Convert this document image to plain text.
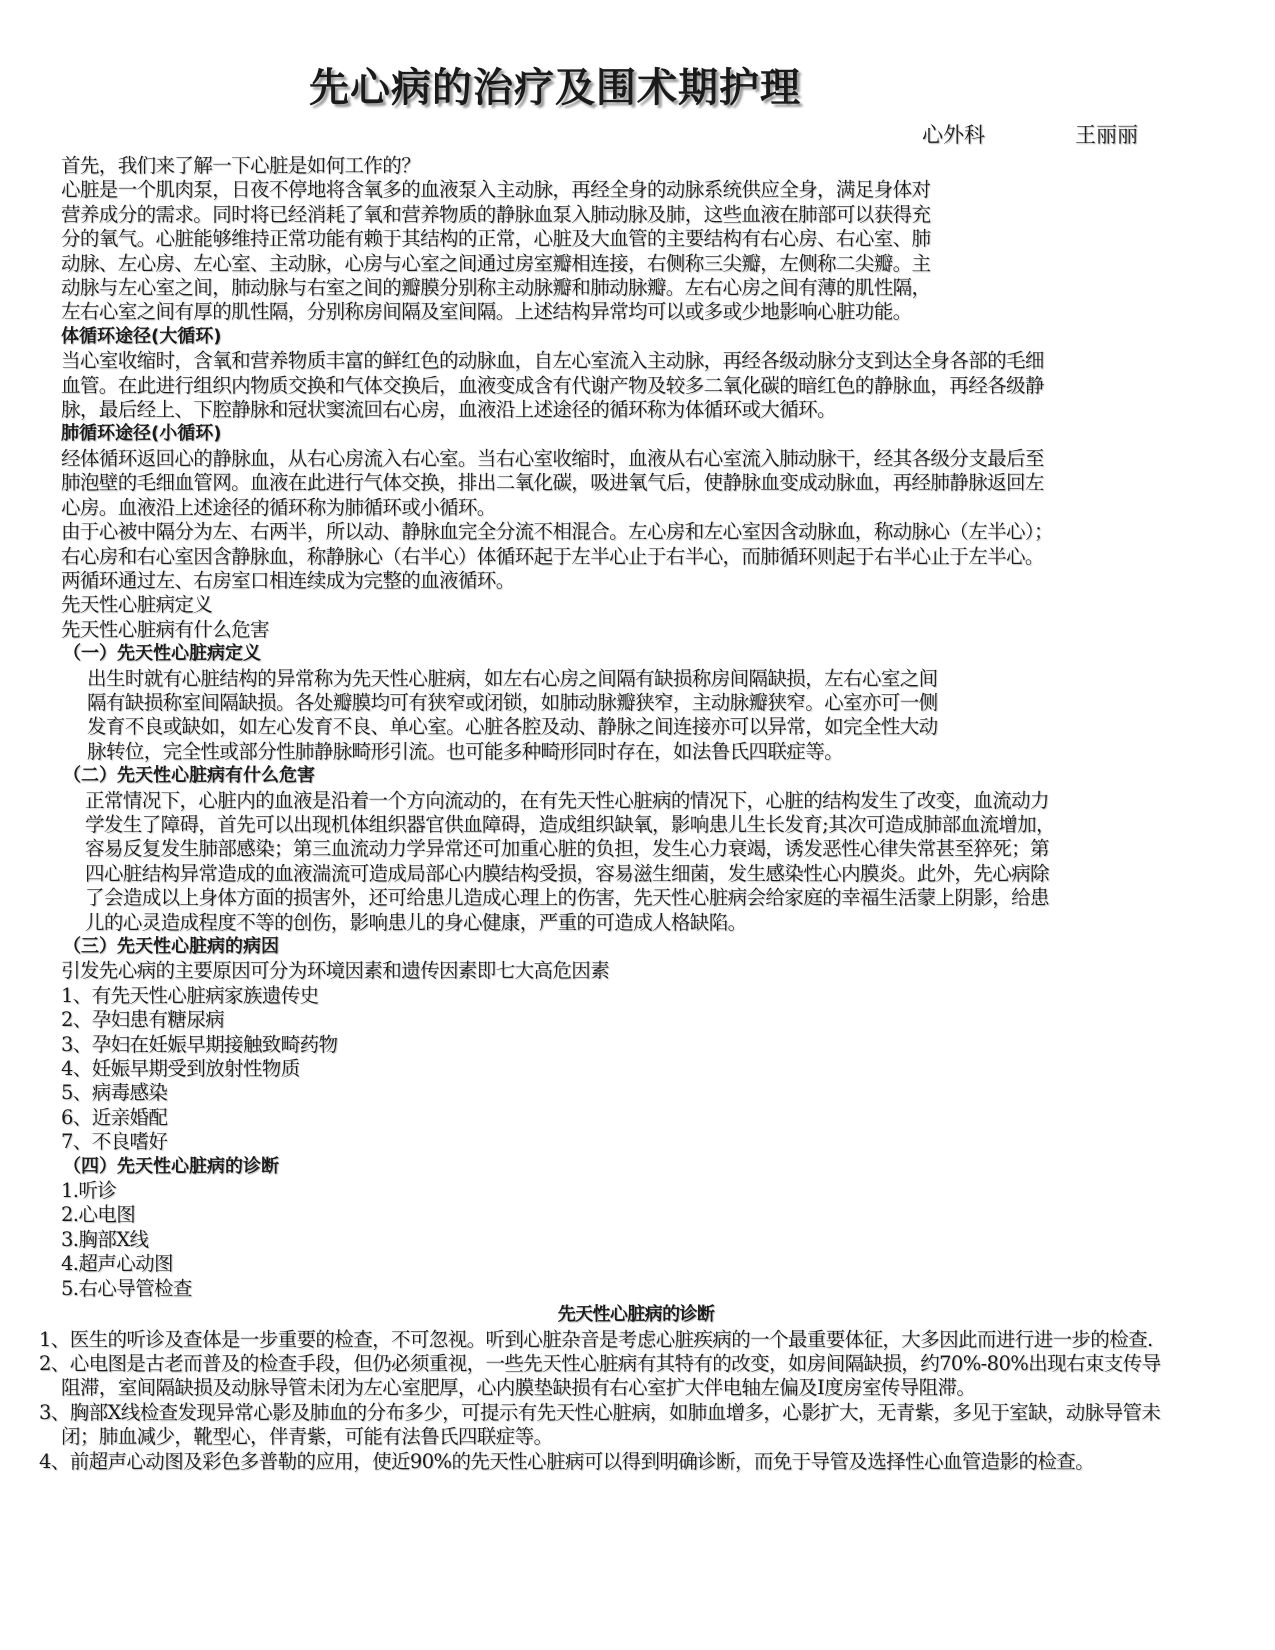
先心病的治疗及围术期护理
心外科	王丽丽

首先，我们来了解一下心脏是如何工作的？

心脏是一个肌肉泵，日夜不停地将含氧多的血液泵入主动脉，再经全身的动脉系统供应全身，满足身体对

营养成分的需求。同时将已经消耗了氧和营养物质的静脉血泵入肺动脉及肺，这些血液在肺部可以获得充

分的氧气。心脏能够维持正常功能有赖于其结构的正常，心脏及大血管的主要结构有右心房、右心室、肺

动脉、左心房、左心室、主动脉，心房与心室之间通过房室瓣相连接，右侧称三尖瓣，左侧称二尖瓣。主

动脉与左心室之间，肺动脉与右室之间的瓣膜分别称主动脉瓣和肺动脉瓣。左右心房之间有薄的肌性隔，

左右心室之间有厚的肌性隔，分别称房间隔及室间隔。上述结构异常均可以或多或少地影响心脏功能。

体循环途径(大循环)

当心室收缩时，含氧和营养物质丰富的鲜红色的动脉血，自左心室流入主动脉，再经各级动脉分支到达全身各部的毛细

血管。在此进行组织内物质交换和气体交换后，血液变成含有代谢产物及较多二氧化碳的暗红色的静脉血，再经各级静

脉，最后经上、下腔静脉和冠状窦流回右心房，血液沿上述途径的循环称为体循环或大循环。

肺循环途径(小循环)

经体循环返回心的静脉血，从右心房流入右心室。当右心室收缩时，血液从右心室流入肺动脉干，经其各级分支最后至

肺泡壁的毛细血管网。血液在此进行气体交换，排出二氧化碳，吸进氧气后，使静脉血变成动脉血，再经肺静脉返回左

心房。血液沿上述途径的循环称为肺循环或小循环。

由于心被中隔分为左、右两半，所以动、静脉血完全分流不相混合。左心房和左心室因含动脉血，称动脉心（左半心）；

右心房和右心室因含静脉血，称静脉心（右半心）体循环起于左半心止于右半心，而肺循环则起于右半心止于左半心。

两循环通过左、右房室口相连续成为完整的血液循环。

先天性心脏病定义

先天性心脏病有什么危害

（一）先天性心脏病定义

出生时就有心脏结构的异常称为先天性心脏病，如左右心房之间隔有缺损称房间隔缺损，左右心室之间

隔有缺损称室间隔缺损。各处瓣膜均可有狭窄或闭锁，如肺动脉瓣狭窄，主动脉瓣狭窄。心室亦可一侧

发育不良或缺如，如左心发育不良、单心室。心脏各腔及动、静脉之间连接亦可以异常，如完全性大动

脉转位，完全性或部分性肺静脉畸形引流。也可能多种畸形同时存在，如法鲁氏四联症等。

（二）先天性心脏病有什么危害

正常情况下，心脏内的血液是沿着一个方向流动的，在有先天性心脏病的情况下，心脏的结构发生了改变，血流动力

学发生了障碍，首先可以出现机体组织器官供血障碍，造成组织缺氧，影响患儿生长发育;其次可造成肺部血流增加，

容易反复发生肺部感染；第三血流动力学异常还可加重心脏的负担，发生心力衰竭，诱发恶性心律失常甚至猝死；第

四心脏结构异常造成的血液湍流可造成局部心内膜结构受损，容易滋生细菌，发生感染性心内膜炎。此外，先心病除

了会造成以上身体方面的损害外，还可给患儿造成心理上的伤害，先天性心脏病会给家庭的幸福生活蒙上阴影，给患

儿的心灵造成程度不等的创伤，影响患儿的身心健康，严重的可造成人格缺陷。

（三）先天性心脏病的病因

引发先心病的主要原因可分为环境因素和遗传因素即七大高危因素

1、有先天性心脏病家族遗传史

2、孕妇患有糖尿病

3、孕妇在妊娠早期接触致畸药物

4、妊娠早期受到放射性物质

5、病毒感染

6、近亲婚配

7、不良嗜好

（四）先天性心脏病的诊断

1.听诊

2.心电图

3.胸部X线

4.超声心动图

5.右心导管检查

先天性心脏病的诊断

1、医生的听诊及查体是一步重要的检查，不可忽视。听到心脏杂音是考虑心脏疾病的一个最重要体征，大多因此而进行进一步的检查.

2、心电图是古老而普及的检查手段，但仍必须重视，一些先天性心脏病有其特有的改变，如房间隔缺损，约70%-80%出现右束支传导阻滞，室间隔缺损及动脉导管未闭为左心室肥厚，心内膜垫缺损有右心室扩大伴电轴左偏及I度房室传导阻滞。

3、胸部X线检查发现异常心影及肺血的分布多少，可提示有先天性心脏病，如肺血增多，心影扩大，无青紫，多见于室缺，动脉导管未闭；肺血减少，靴型心，伴青紫，可能有法鲁氏四联症等。

4、前超声心动图及彩色多普勒的应用，使近90%的先天性心脏病可以得到明确诊断，而免于导管及选择性心血管造影的检查。
